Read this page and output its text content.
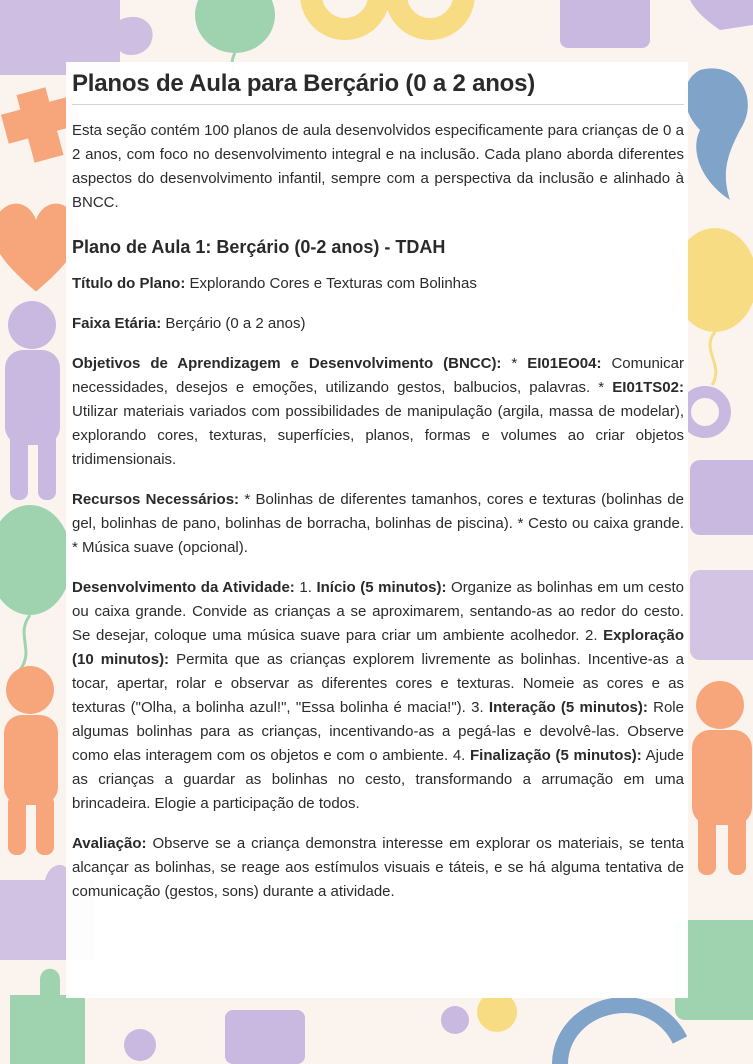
Planos de Aula para Berçário (0 a 2 anos)

Esta seção contém 100 planos de aula desenvolvidos especificamente para crianças de 0 a 2 anos, com foco no desenvolvimento integral e na inclusão. Cada plano aborda diferentes aspectos do desenvolvimento infantil, sempre com a perspectiva da inclusão e alinhado à BNCC.

Plano de Aula 1: Berçário (0-2 anos) - TDAH

Título do Plano: Explorando Cores e Texturas com Bolinhas

Faixa Etária: Berçário (0 a 2 anos)

Objetivos de Aprendizagem e Desenvolvimento (BNCC): * EI01EO04: Comunicar necessidades, desejos e emoções, utilizando gestos, balbucios, palavras. * EI01TS02: Utilizar materiais variados com possibilidades de manipulação (argila, massa de modelar), explorando cores, texturas, superfícies, planos, formas e volumes ao criar objetos tridimensionais.

Recursos Necessários: * Bolinhas de diferentes tamanhos, cores e texturas (bolinhas de gel, bolinhas de pano, bolinhas de borracha, bolinhas de piscina). * Cesto ou caixa grande. * Música suave (opcional).

Desenvolvimento da Atividade: 1. Início (5 minutos): Organize as bolinhas em um cesto ou caixa grande. Convide as crianças a se aproximarem, sentando-as ao redor do cesto. Se desejar, coloque uma música suave para criar um ambiente acolhedor. 2. Exploração (10 minutos): Permita que as crianças explorem livremente as bolinhas. Incentive-as a tocar, apertar, rolar e observar as diferentes cores e texturas. Nomeie as cores e as texturas ("Olha, a bolinha azul!", "Essa bolinha é macia!"). 3. Interação (5 minutos): Role algumas bolinhas para as crianças, incentivando-as a pegá-las e devolvê-las. Observe como elas interagem com os objetos e com o ambiente. 4. Finalização (5 minutos): Ajude as crianças a guardar as bolinhas no cesto, transformando a arrumação em uma brincadeira. Elogie a participação de todos.

Avaliação: Observe se a criança demonstra interesse em explorar os materiais, se tenta alcançar as bolinhas, se reage aos estímulos visuais e táteis, e se há alguma tentativa de comunicação (gestos, sons) durante a atividade.
